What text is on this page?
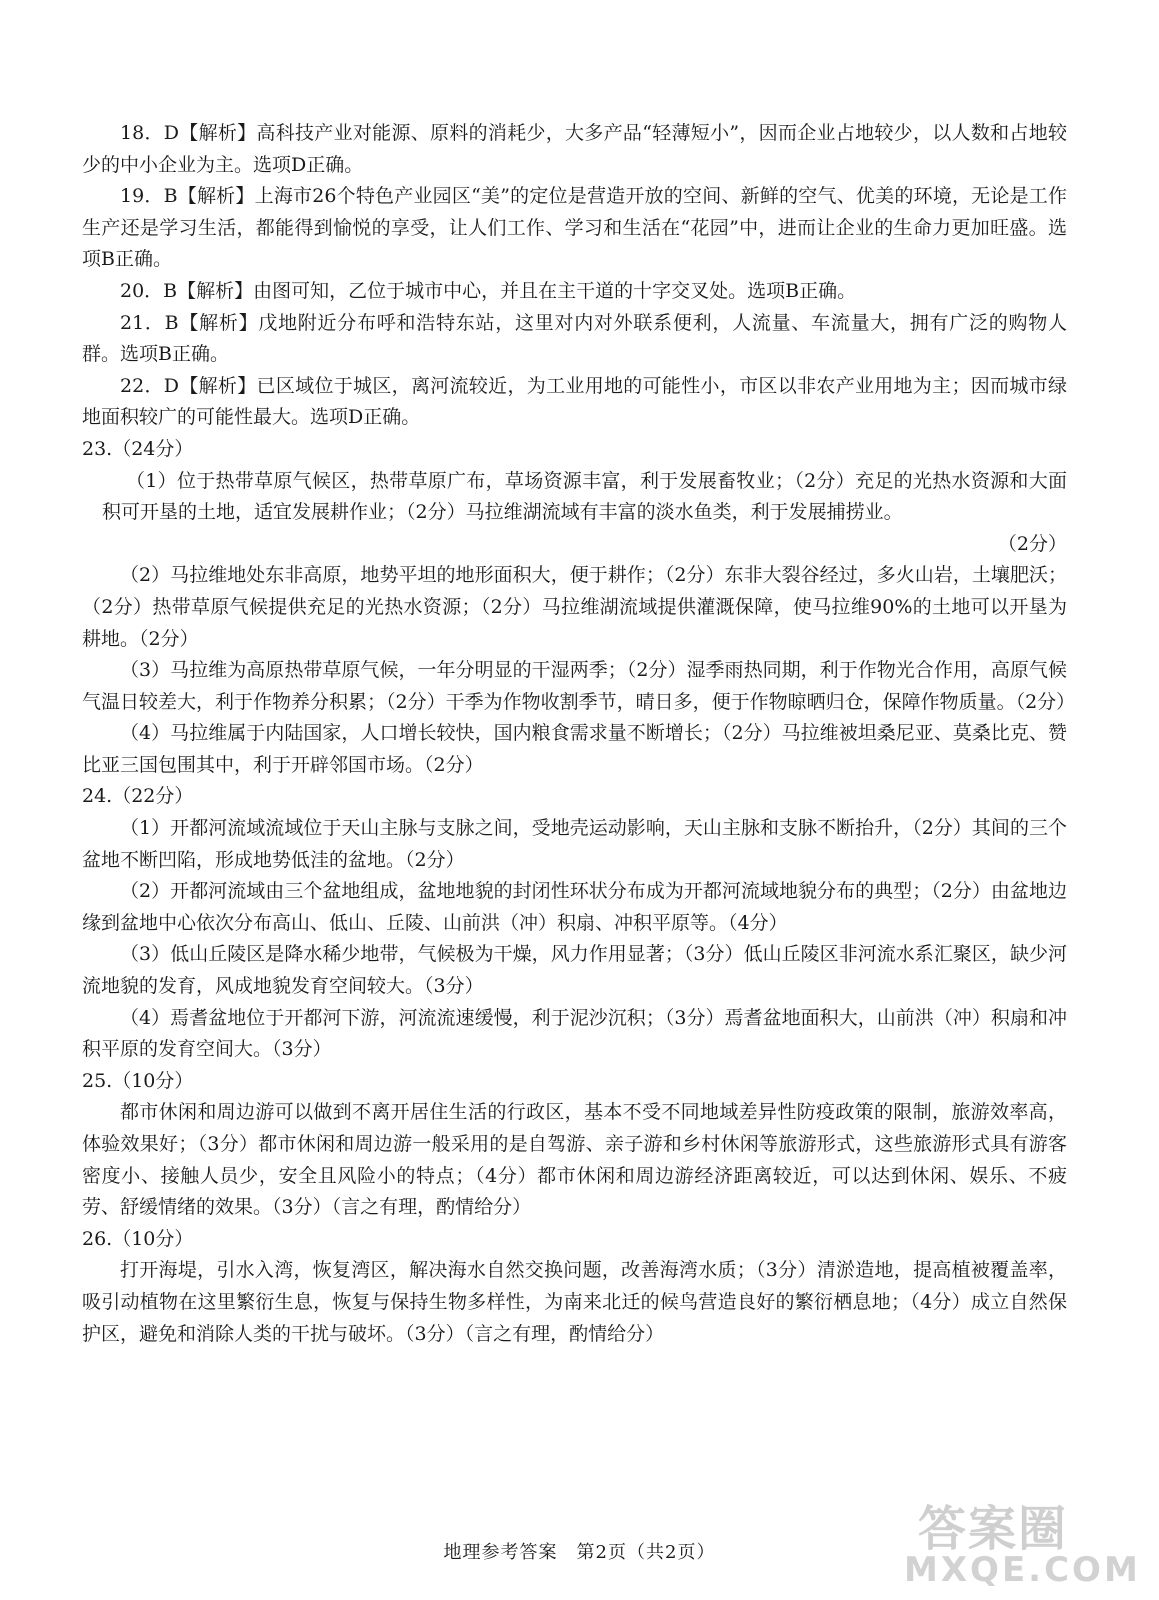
18．D【解析】高科技产业对能源、原料的消耗少，大多产品“轻薄短小”，因而企业占地较少，以人数和占地较少的中小企业为主。选项D正确。

19．B【解析】上海市26个特色产业园区“美”的定位是营造开放的空间、新鲜的空气、优美的环境，无论是工作生产还是学习生活，都能得到愉悦的享受，让人们工作、学习和生活在“花园”中，进而让企业的生命力更加旺盛。选项B正确。

20．B【解析】由图可知，乙位于城市中心，并且在主干道的十字交叉处。选项B正确。

21．B【解析】戊地附近分布呼和浩特东站，这里对内对外联系便利，人流量、车流量大，拥有广泛的购物人群。选项B正确。

22．D【解析】已区域位于城区，离河流较近，为工业用地的可能性小，市区以非农产业用地为主；因而城市绿地面积较广的可能性最大。选项D正确。

23.（24分）

（1）位于热带草原气候区，热带草原广布，草场资源丰富，利于发展畜牧业；（2分）充足的光热水资源和大面积可开垦的土地，适宜发展耕作业；（2分）马拉维湖流域有丰富的淡水鱼类，利于发展捕捞业。

（2分）

（2）马拉维地处东非高原，地势平坦的地形面积大，便于耕作；（2分）东非大裂谷经过，多火山岩，土壤肥沃；（2分）热带草原气候提供充足的光热水资源；（2分）马拉维湖流域提供灌溉保障，使马拉维90%的土地可以开垦为耕地。（2分）

（3）马拉维为高原热带草原气候，一年分明显的干湿两季；（2分）湿季雨热同期，利于作物光合作用，高原气候气温日较差大，利于作物养分积累；（2分）干季为作物收割季节，晴日多，便于作物晾晒归仓，保障作物质量。（2分）

（4）马拉维属于内陆国家，人口增长较快，国内粮食需求量不断增长；（2分）马拉维被坦桑尼亚、莫桑比克、赞比亚三国包围其中，利于开辟邻国市场。（2分）

24.（22分）

（1）开都河流域流域位于天山主脉与支脉之间，受地壳运动影响，天山主脉和支脉不断抬升，（2分）其间的三个盆地不断凹陷，形成地势低洼的盆地。（2分）

（2）开都河流域由三个盆地组成，盆地地貌的封闭性环状分布成为开都河流域地貌分布的典型；（2分）由盆地边缘到盆地中心依次分布高山、低山、丘陵、山前洪（冲）积扇、冲积平原等。（4分）

（3）低山丘陵区是降水稀少地带，气候极为干燥，风力作用显著；（3分）低山丘陵区非河流水系汇聚区，缺少河流地貌的发育，风成地貌发育空间较大。（3分）

（4）焉耆盆地位于开都河下游，河流流速缓慢，利于泥沙沉积；（3分）焉耆盆地面积大，山前洪（冲）积扇和冲积平原的发育空间大。（3分）

25.（10分）

都市休闲和周边游可以做到不离开居住生活的行政区，基本不受不同地域差异性防疫政策的限制，旅游效率高，体验效果好；（3分）都市休闲和周边游一般采用的是自驾游、亲子游和乡村休闲等旅游形式，这些旅游形式具有游客密度小、接触人员少，安全且风险小的特点；（4分）都市休闲和周边游经济距离较近，可以达到休闲、娱乐、不疲劳、舒缓情绪的效果。（3分）（言之有理，酌情给分）

26.（10分）

打开海堤，引水入湾，恢复湾区，解决海水自然交换问题，改善海湾水质；（3分）清淤造地，提高植被覆盖率，吸引动植物在这里繁衍生息，恢复与保持生物多样性，为南来北迁的候鸟营造良好的繁衍栖息地；（4分）成立自然保护区，避免和消除人类的干扰与破坏。（3分）（言之有理，酌情给分）

答案圈
MXQE.COM
地理参考答案　第2页（共2页）
